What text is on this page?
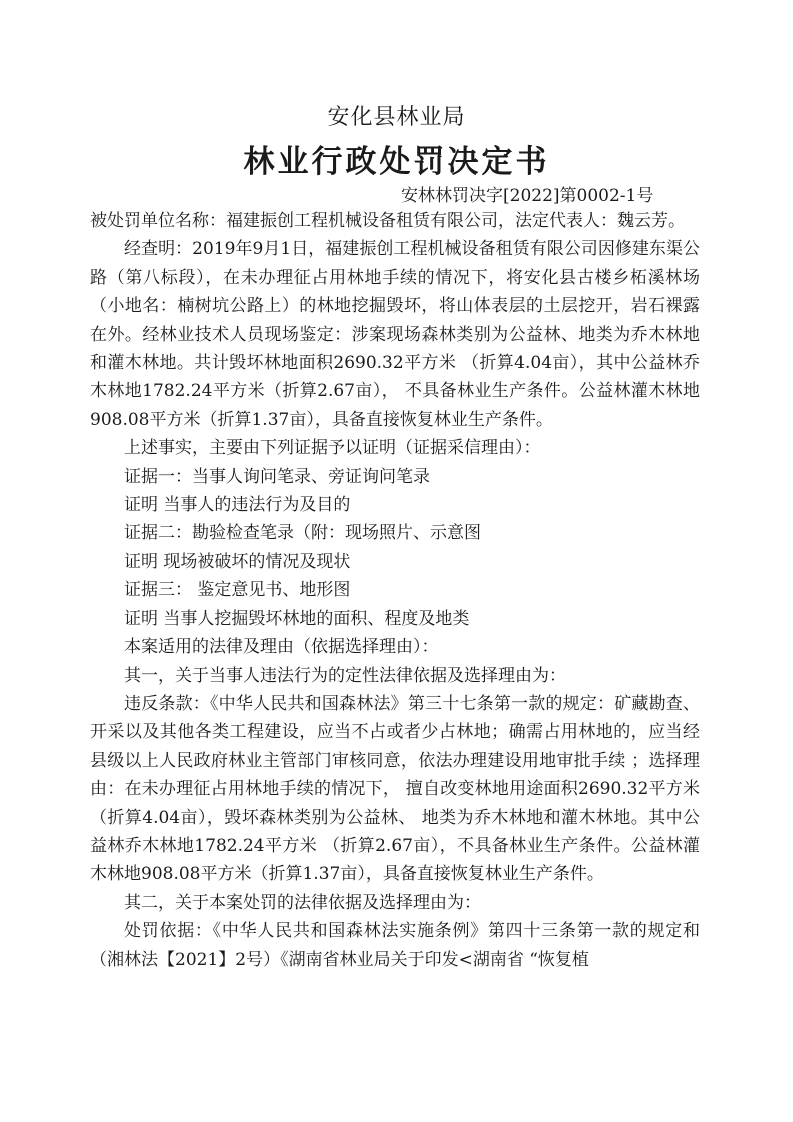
安化县林业局
林业行政处罚决定书
安林林罚决字[2022]第0002-1号

被处罚单位名称：福建振创工程机械设备租赁有限公司，法定代表人：魏云芳。

经查明：2019年9月1日，福建振创工程机械设备租赁有限公司因修建东渠公路（第八标段），在未办理征占用林地手续的情况下，将安化县古楼乡柘溪林场（小地名：楠树坑公路上）的林地挖掘毁坏，将山体表层的土层挖开，岩石裸露在外。经林业技术人员现场鉴定：涉案现场森林类别为公益林、地类为乔木林地和灌木林地。共计毁坏林地面积2690.32平方米 （折算4.04亩），其中公益林乔木林地1782.24平方米（折算2.67亩）， 不具备林业生产条件。公益林灌木林地908.08平方米（折算1.37亩），具备直接恢复林业生产条件。

上述事实，主要由下列证据予以证明（证据采信理由）：

证据一：当事人询问笔录、旁证询问笔录

证明 当事人的违法行为及目的

证据二：勘验检查笔录（附：现场照片、示意图

证明 现场被破坏的情况及现状

证据三： 鉴定意见书、地形图

证明 当事人挖掘毁坏林地的面积、程度及地类

本案适用的法律及理由（依据选择理由）：

其一，关于当事人违法行为的定性法律依据及选择理由为：

违反条款：《中华人民共和国森林法》第三十七条第一款的规定：矿藏勘查、开采以及其他各类工程建设，应当不占或者少占林地；确需占用林地的，应当经县级以上人民政府林业主管部门审核同意，依法办理建设用地审批手续 ；选择理由：在未办理征占用林地手续的情况下， 擅自改变林地用途面积2690.32平方米（折算4.04亩），毁坏森林类别为公益林、 地类为乔木林地和灌木林地。其中公益林乔木林地1782.24平方米 （折算2.67亩），不具备林业生产条件。公益林灌木林地908.08平方米（折算1.37亩），具备直接恢复林业生产条件。

其二，关于本案处罚的法律依据及选择理由为：

处罚依据：《中华人民共和国森林法实施条例》第四十三条第一款的规定和（湘林法【2021】2号）《湖南省林业局关于印发<湖南省 “恢复植
